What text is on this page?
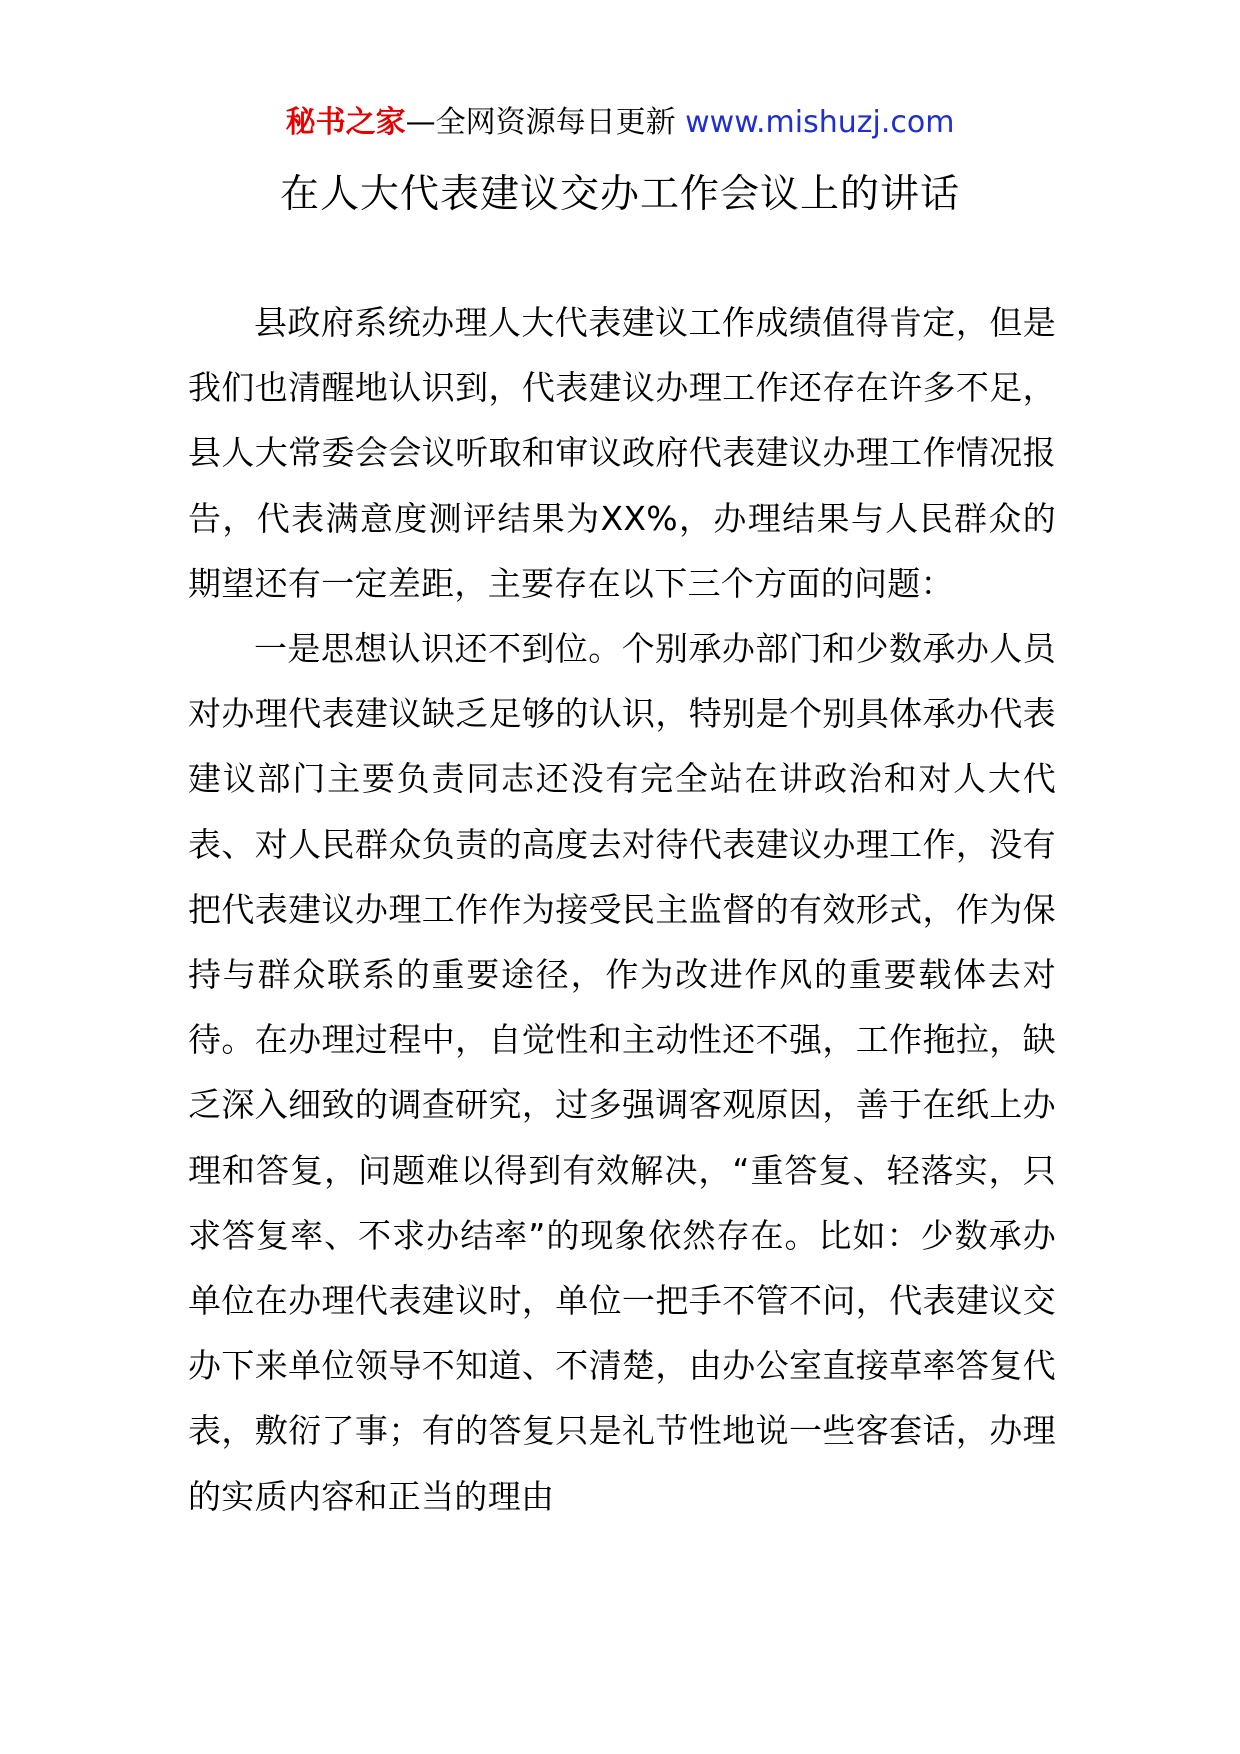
秘书之家—全网资源每日更新 www.mishuzj.com
在人大代表建议交办工作会议上的讲话

县政府系统办理人大代表建议工作成绩值得肯定，但是我们也清醒地认识到，代表建议办理工作还存在许多不足，县人大常委会会议听取和审议政府代表建议办理工作情况报告，代表满意度测评结果为XX%，办理结果与人民群众的期望还有一定差距，主要存在以下三个方面的问题：

一是思想认识还不到位。个别承办部门和少数承办人员对办理代表建议缺乏足够的认识，特别是个别具体承办代表建议部门主要负责同志还没有完全站在讲政治和对人大代表、对人民群众负责的高度去对待代表建议办理工作，没有把代表建议办理工作作为接受民主监督的有效形式，作为保持与群众联系的重要途径，作为改进作风的重要载体去对待。在办理过程中，自觉性和主动性还不强，工作拖拉，缺乏深入细致的调查研究，过多强调客观原因，善于在纸上办理和答复，问题难以得到有效解决，“重答复、轻落实，只求答复率、不求办结率”的现象依然存在。比如：少数承办单位在办理代表建议时，单位一把手不管不问，代表建议交办下来单位领导不知道、不清楚，由办公室直接草率答复代表，敷衍了事；有的答复只是礼节性地说一些客套话，办理的实质内容和正当的理由
